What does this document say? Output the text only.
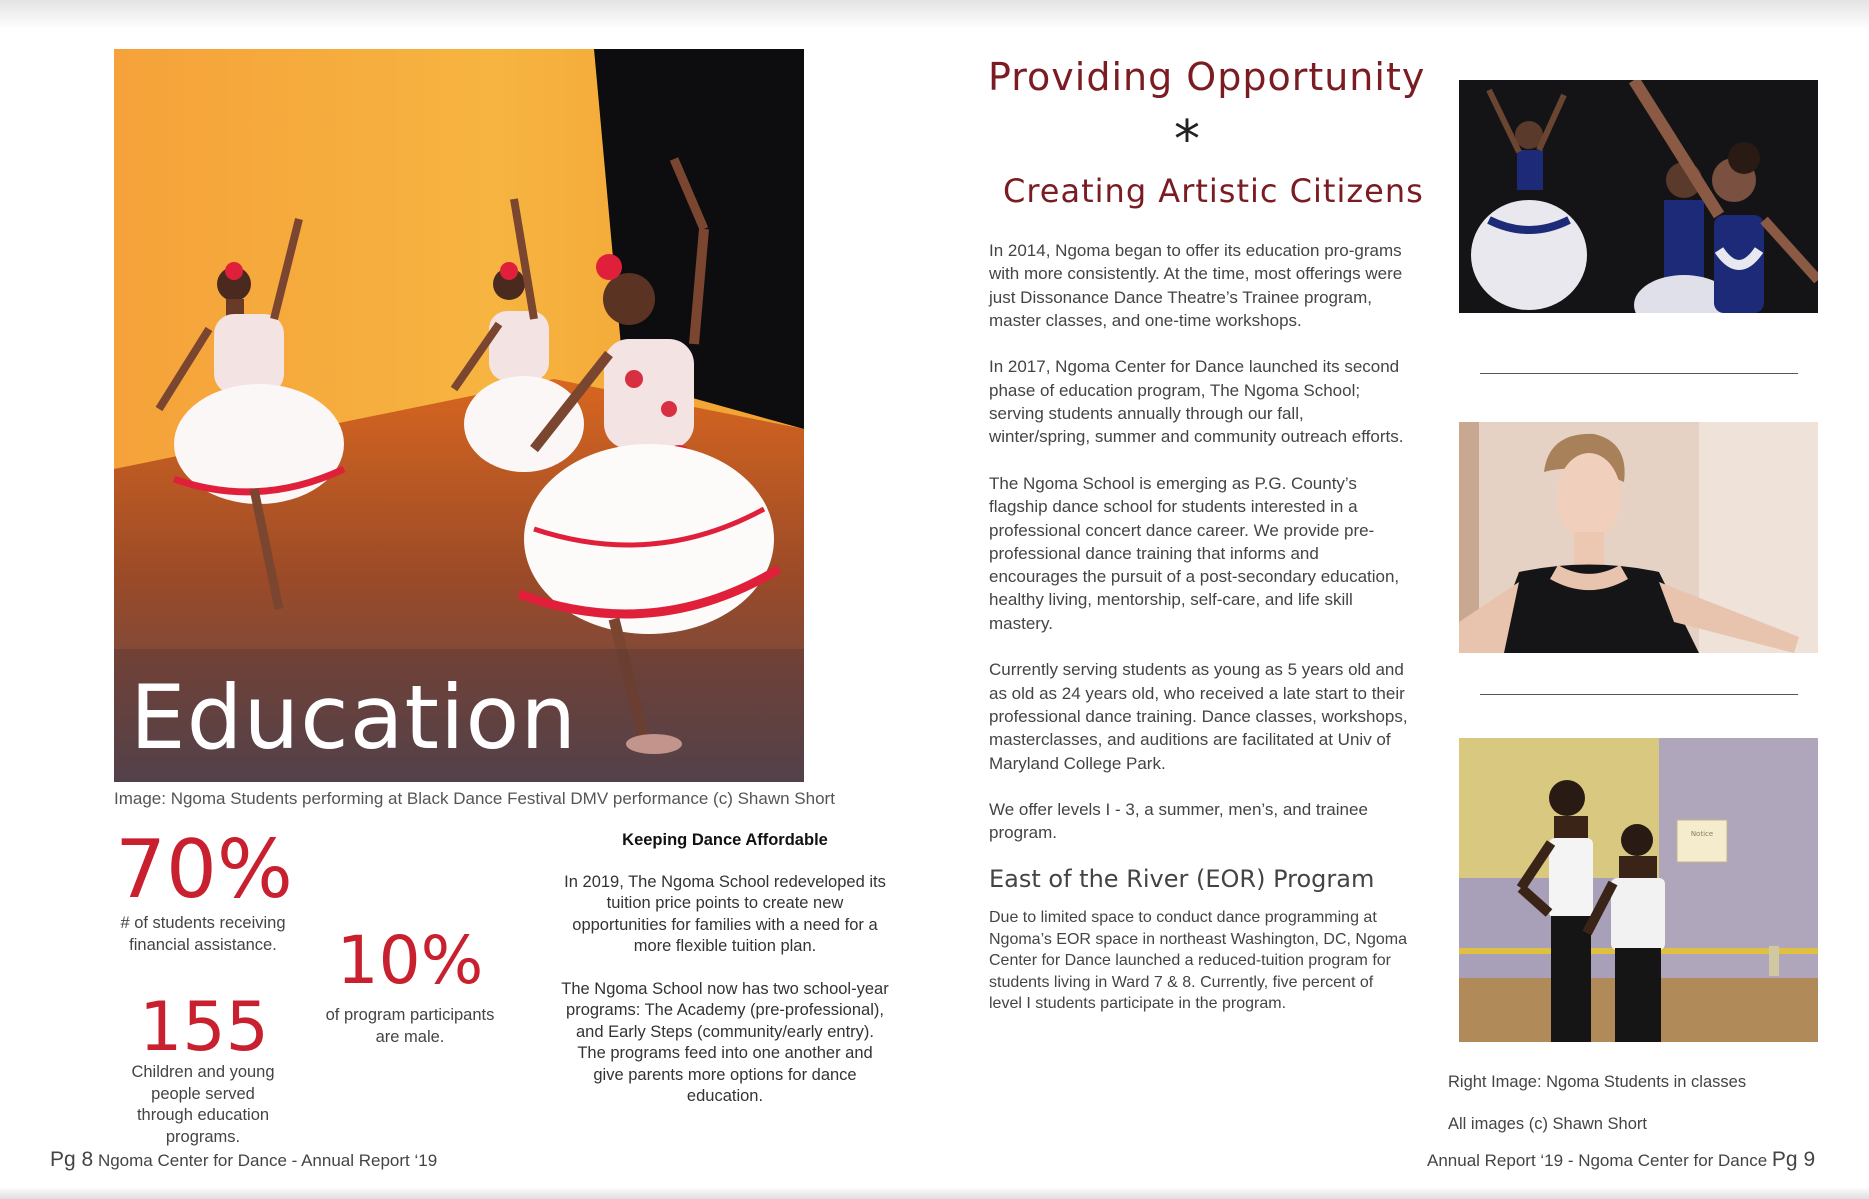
Education
Image: Ngoma Students performing at Black Dance Festival DMV performance (c) Shawn Short
70%
# of students receiving financial assistance. 10%
of program participants are male.
155
Children and young people served through education programs.
Keeping Dance Affordable

In 2019, The Ngoma School redeveloped its tuition price points to create new opportunities for families with a need for a more flexible tuition plan.

The Ngoma School now has two school-year programs: The Academy (pre-professional), and Early Steps (community/early entry). The programs feed into one another and give parents more options for dance education.

Pg 8 Ngoma Center for Dance - Annual Report ‘19
Providing Opportunity
*
Creating Artistic Citizens

In 2014, Ngoma began to offer its education pro-grams with more consistently. At the time, most offerings were just Dissonance Dance Theatre’s Trainee program, master classes, and one-time workshops.

In 2017, Ngoma Center for Dance launched its second phase of education program, The Ngoma School; serving students annually through our fall, winter/spring, summer and community outreach efforts.

The Ngoma School is emerging as P.G. County’s flagship dance school for students interested in a professional concert dance career. We provide pre-professional dance training that informs and encourages the pursuit of a post-secondary education, healthy living, mentorship, self-care, and life skill mastery.

Currently serving students as young as 5 years old and as old as 24 years old, who received a late start to their professional dance training. Dance classes, workshops, masterclasses, and auditions are facilitated at Univ of Maryland College Park.

We offer levels I - 3, a summer, men’s, and trainee program.

East of the River (EOR) Program

Due to limited space to conduct dance programming at Ngoma’s EOR space in northeast Washington, DC, Ngoma Center for Dance launched a reduced-tuition program for students living in Ward 7 & 8. Currently, five percent of level I students participate in the program.

Notice
Right Image: Ngoma Students in classes
All images (c) Shawn Short
Annual Report ‘19 - Ngoma Center for Dance Pg 9
